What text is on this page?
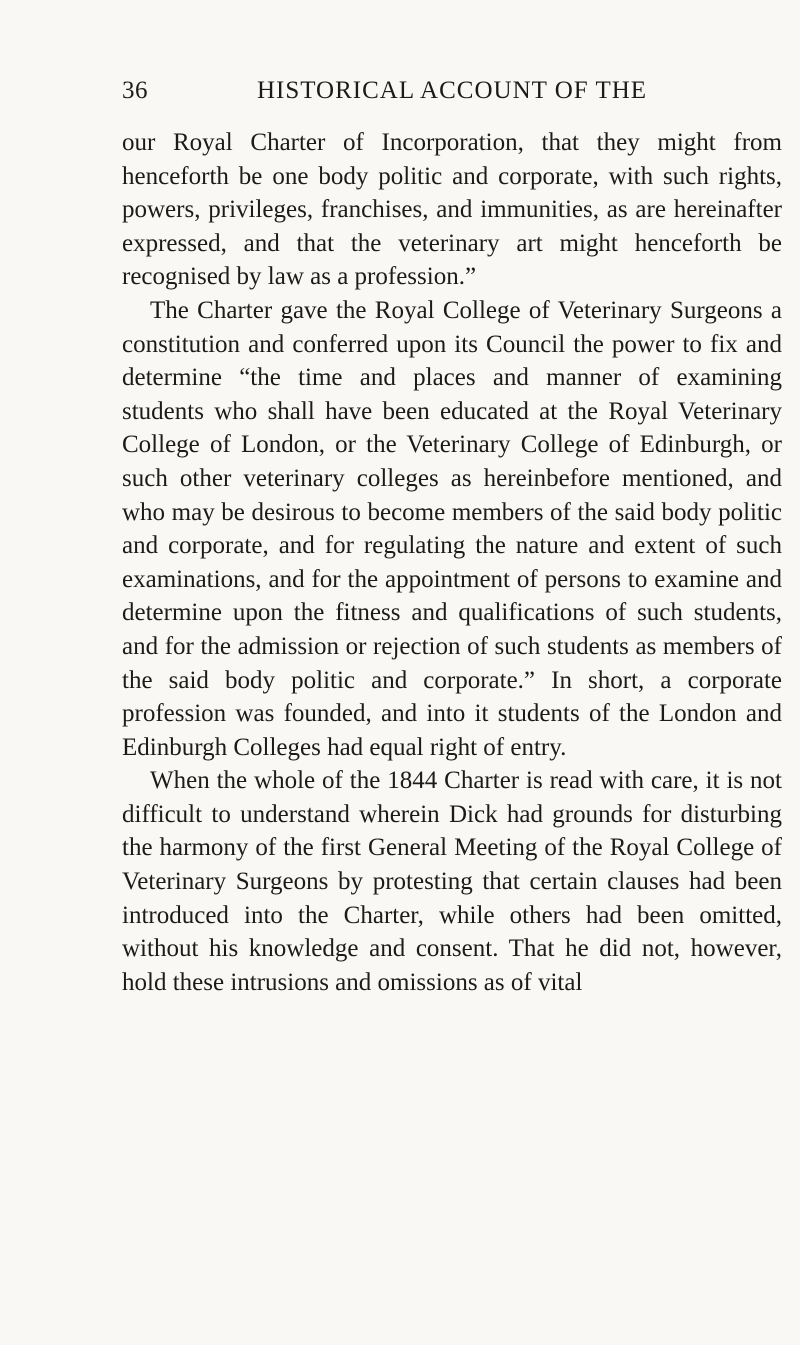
36	HISTORICAL ACCOUNT OF THE

our Royal Charter of Incorporation, that they might from henceforth be one body politic and corporate, with such rights, powers, privileges, franchises, and immunities, as are hereinafter expressed, and that the veterinary art might henceforth be recognised by law as a profession.”

The Charter gave the Royal College of Veterinary Surgeons a constitution and conferred upon its Council the power to fix and determine “the time and places and manner of examining students who shall have been educated at the Royal Veterinary College of London, or the Veterinary College of Edinburgh, or such other veterinary colleges as hereinbefore mentioned, and who may be desirous to become members of the said body politic and corporate, and for regulating the nature and extent of such examinations, and for the appointment of persons to examine and determine upon the fitness and qualifications of such students, and for the admission or rejection of such students as members of the said body politic and corporate.” In short, a corporate profession was founded, and into it students of the London and Edinburgh Colleges had equal right of entry.

When the whole of the 1844 Charter is read with care, it is not difficult to understand wherein Dick had grounds for disturbing the harmony of the first General Meeting of the Royal College of Veterinary Surgeons by protesting that certain clauses had been introduced into the Charter, while others had been omitted, without his knowledge and consent. That he did not, however, hold these intrusions and omissions as of vital
